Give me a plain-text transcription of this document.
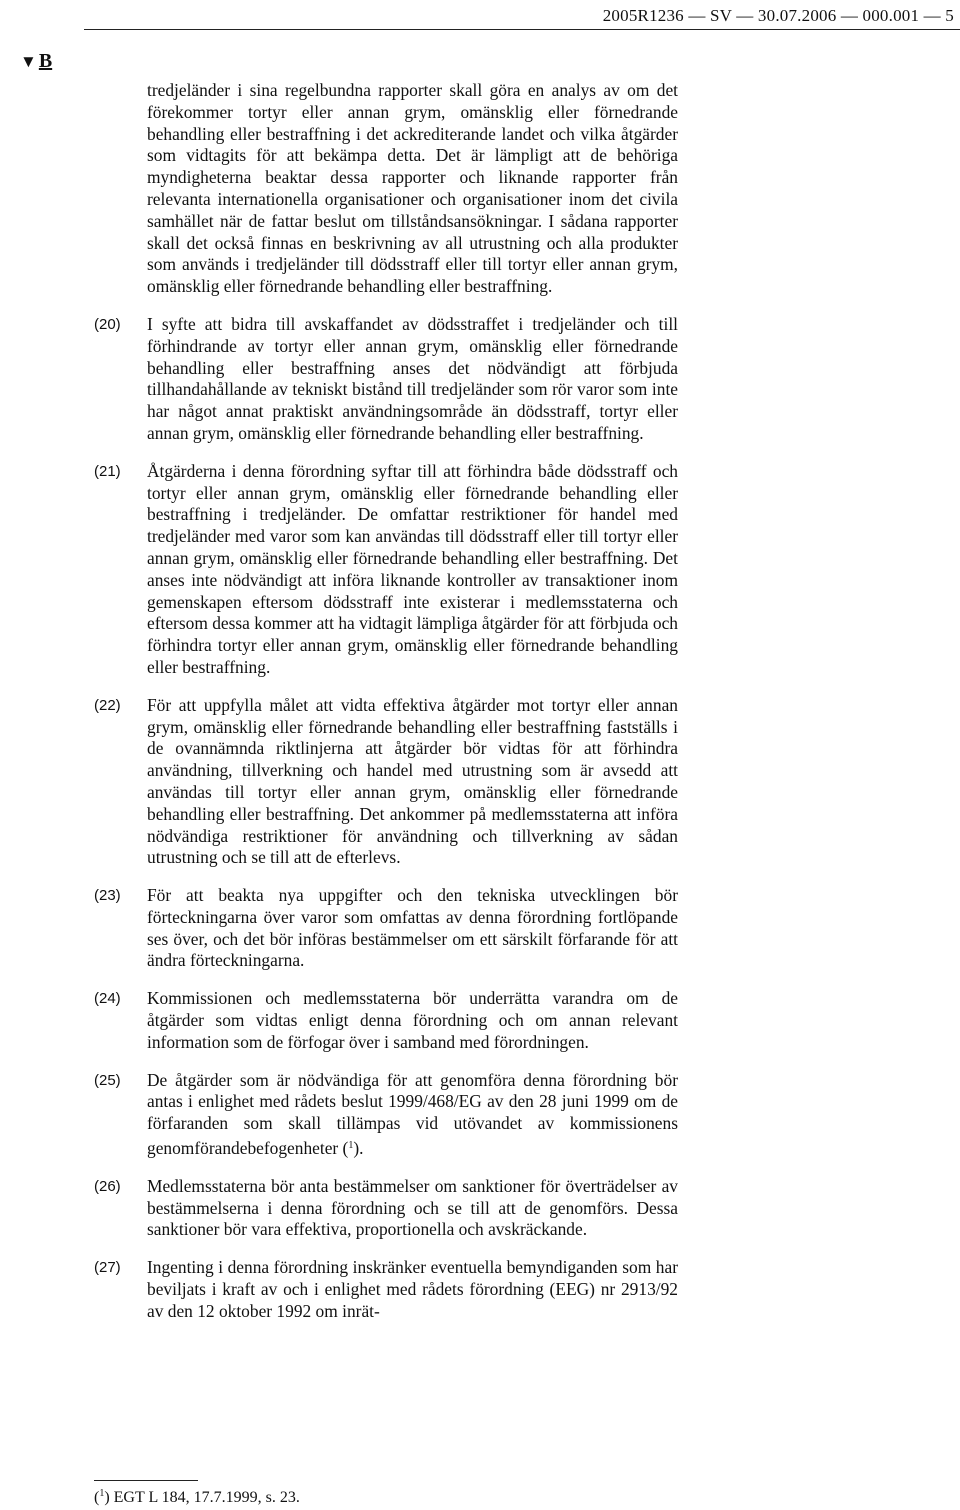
2005R1236 — SV — 30.07.2006 — 000.001 — 5
▼ B
tredjeländer i sina regelbundna rapporter skall göra en analys av om det förekommer tortyr eller annan grym, omänsklig eller förnedrande behandling eller bestraffning i det ackrediterande landet och vilka åtgärder som vidtagits för att bekämpa detta. Det är lämpligt att de behöriga myndigheterna beaktar dessa rapporter och liknande rapporter från relevanta internationella organisationer och organisationer inom det civila samhället när de fattar beslut om tillståndsansökningar. I sådana rapporter skall det också finnas en beskrivning av all utrustning och alla produkter som används i tredjeländer till dödsstraff eller till tortyr eller annan grym, omänsklig eller förnedrande behandling eller bestraffning.
(20)	I syfte att bidra till avskaffandet av dödsstraffet i tredjeländer och till förhindrande av tortyr eller annan grym, omänsklig eller förnedrande behandling eller bestraffning anses det nödvändigt att förbjuda tillhandahållande av tekniskt bistånd till tredjeländer som rör varor som inte har något annat praktiskt användningsområde än dödsstraff, tortyr eller annan grym, omänsklig eller förnedrande behandling eller bestraffning.
(21)	Åtgärderna i denna förordning syftar till att förhindra både dödsstraff och tortyr eller annan grym, omänsklig eller förnedrande behandling eller bestraffning i tredjeländer. De omfattar restriktioner för handel med tredjeländer med varor som kan användas till dödsstraff eller till tortyr eller annan grym, omänsklig eller förnedrande behandling eller bestraffning. Det anses inte nödvändigt att införa liknande kontroller av transaktioner inom gemenskapen eftersom dödsstraff inte existerar i medlemsstaterna och eftersom dessa kommer att ha vidtagit lämpliga åtgärder för att förbjuda och förhindra tortyr eller annan grym, omänsklig eller förnedrande behandling eller bestraffning.
(22)	För att uppfylla målet att vidta effektiva åtgärder mot tortyr eller annan grym, omänsklig eller förnedrande behandling eller bestraffning fastställs i de ovannämnda riktlinjerna att åtgärder bör vidtas för att förhindra användning, tillverkning och handel med utrustning som är avsedd att användas till tortyr eller annan grym, omänsklig eller förnedrande behandling eller bestraffning. Det ankommer på medlemsstaterna att införa nödvändiga restriktioner för användning och tillverkning av sådan utrustning och se till att de efterlevs.
(23)	För att beakta nya uppgifter och den tekniska utvecklingen bör förteckningarna över varor som omfattas av denna förordning fortlöpande ses över, och det bör införas bestämmelser om ett särskilt förfarande för att ändra förteckningarna.
(24)	Kommissionen och medlemsstaterna bör underrätta varandra om de åtgärder som vidtas enligt denna förordning och om annan relevant information som de förfogar över i samband med förordningen.
(25)	De åtgärder som är nödvändiga för att genomföra denna förordning bör antas i enlighet med rådets beslut 1999/468/EG av den 28 juni 1999 om de förfaranden som skall tillämpas vid utövandet av kommissionens genomförandebefogenheter ($^1$).
(26)	Medlemsstaterna bör anta bestämmelser om sanktioner för överträdelser av bestämmelserna i denna förordning och se till att de genomförs. Dessa sanktioner bör vara effektiva, proportionella och avskräckande.
(27)	Ingenting i denna förordning inskränker eventuella bemyndiganden som har beviljats i kraft av och i enlighet med rådets förordning (EEG) nr 2913/92 av den 12 oktober 1992 om inrät-
($^1$) EGT L 184, 17.7.1999, s. 23.
